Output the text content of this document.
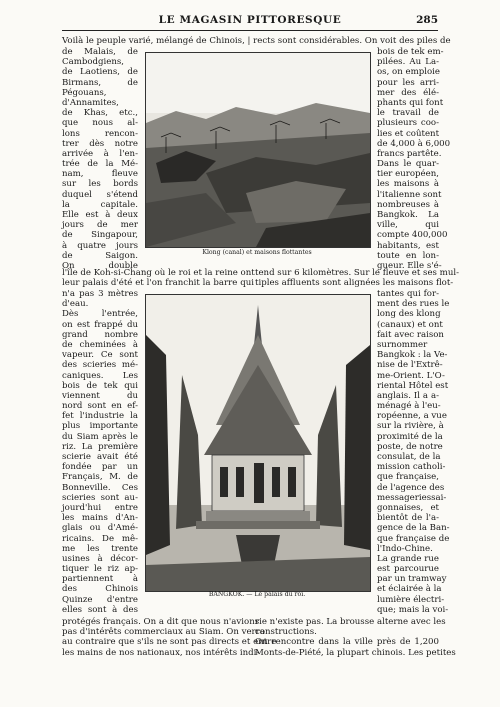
LE MAGASIN PITTORESQUE	285
Voilà le peuple varié, mélangé de Chinois, | rects sont considérables. On voit des piles de
de Malais, de
Cambodgiens,
de Laotiens, de
Birmans, de
Pégouans,
d'Annamites,
de Khas, etc.,
que nous al-
lons rencon-
trer dès notre
arrivée à l'en-
trée de la Mé-
nam, fleuve
sur les bords
duquel s'étend
la capitale.
Elle est à deux
jours de mer
de Singapour,
à quatre jours
de Saigon.
On double
Klong (canal) et maisons flottantes
bois de tek em-
pilées. Au La-
os, on emploie
pour les arri-
mer des élé-
phants qui font
le travail de
plusieurs coo-
lies et coûtent
de 4,000 à 6,000
francs partête.
Dans le quar-
tier européen,
les maisons à
l'italienne sont
nombreuses à
Bangkok. La
ville, qui
compte 400,000
habitants, est
toute en lon-
gueur. Elle s'é-
l'île de Koh-si-Chang où le roi et la reine ont
leur palais d'été et l'on franchit la barre qui
tend sur 6 kilomètres. Sur le fleuve et ses mul-
tiples affluents sont alignées les maisons flot-
n'a pas 3 mètres
d'eau.
Dès l'entrée,
on est frappé du
grand nombre
de cheminées à
vapeur. Ce sont
des scieries mé-
caniques. Les
bois de tek qui
viennent du
nord sont en ef-
fet l'industrie la
plus importante
du Siam après le
riz. La première
scierie avait été
fondée par un
Français, M. de
Bonneville. Ces
scieries sont au-
jourd'hui entre
les mains d'An-
glais ou d'Amé-
ricains. De mê-
me les trente
usines à décor-
tiquer le riz ap-
partiennent à
des Chinois
Quinze d'entre
elles sont à des
BANGKOK. — Le palais du roi.
tantes qui for-
ment des rues le
long des klong
(canaux) et ont
fait avec raison
surnommer
Bangkok : la Ve-
nise de l'Extrê-
me-Orient. L'O-
riental Hôtel est
anglais. Il a a-
ménagé à l'eu-
ropéenne, a vue
sur la rivière, à
proximité de la
poste, de notre
consulat, de la
mission catholi-
que française,
de l'agence des
messageriessai-
gonnaises, et
bientôt de l'a-
gence de la Ban-
que française de
l'Indo-Chine.
La grande rue
est parcourue
par un tramway
et éclairée à la
lumière électri-
que; mais la voi-
protégés français. On a dit que nous n'avions
pas d'intérêts commerciaux au Siam. On verra
au contraire que s'ils ne sont pas directs et entre
les mains de nos nationaux, nos intérêts indi-
rie n'existe pas. La brousse alterne avec les
constructions.
On rencontre dans la ville près de 1,200
Monts-de-Piété, la plupart chinois. Les petites
